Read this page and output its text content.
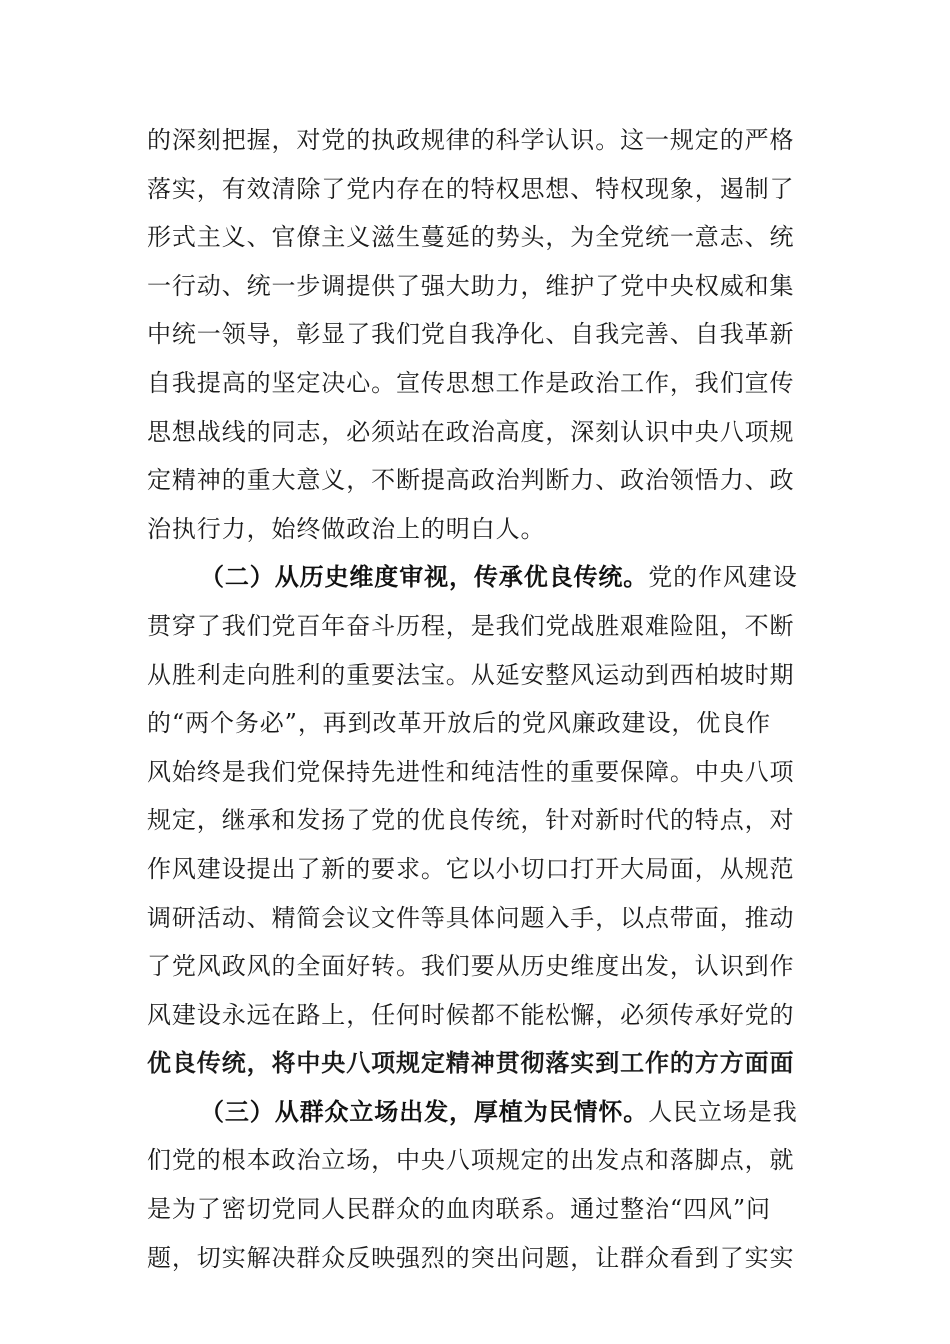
的深刻把握，对党的执政规律的科学认识。这一规定的严格
落实，有效清除了党内存在的特权思想、特权现象，遏制了
形式主义、官僚主义滋生蔓延的势头，为全党统一意志、统
一行动、统一步调提供了强大助力，维护了党中央权威和集
中统一领导，彰显了我们党自我净化、自我完善、自我革新
自我提高的坚定决心。宣传思想工作是政治工作，我们宣传
思想战线的同志，必须站在政治高度，深刻认识中央八项规
定精神的重大意义，不断提高政治判断力、政治领悟力、政
治执行力，始终做政治上的明白人。
（二）从历史维度审视，传承优良传统。党的作风建设
贯穿了我们党百年奋斗历程，是我们党战胜艰难险阻，不断
从胜利走向胜利的重要法宝。从延安整风运动到西柏坡时期
的“两个务必”，再到改革开放后的党风廉政建设，优良作
风始终是我们党保持先进性和纯洁性的重要保障。中央八项
规定，继承和发扬了党的优良传统，针对新时代的特点，对
作风建设提出了新的要求。它以小切口打开大局面，从规范
调研活动、精简会议文件等具体问题入手，以点带面，推动
了党风政风的全面好转。我们要从历史维度出发，认识到作
风建设永远在路上，任何时候都不能松懈，必须传承好党的
优良传统，将中央八项规定精神贯彻落实到工作的方方面面
（三）从群众立场出发，厚植为民情怀。人民立场是我
们党的根本政治立场，中央八项规定的出发点和落脚点，就
是为了密切党同人民群众的血肉联系。通过整治“四风”问
题，切实解决群众反映强烈的突出问题，让群众看到了实实
